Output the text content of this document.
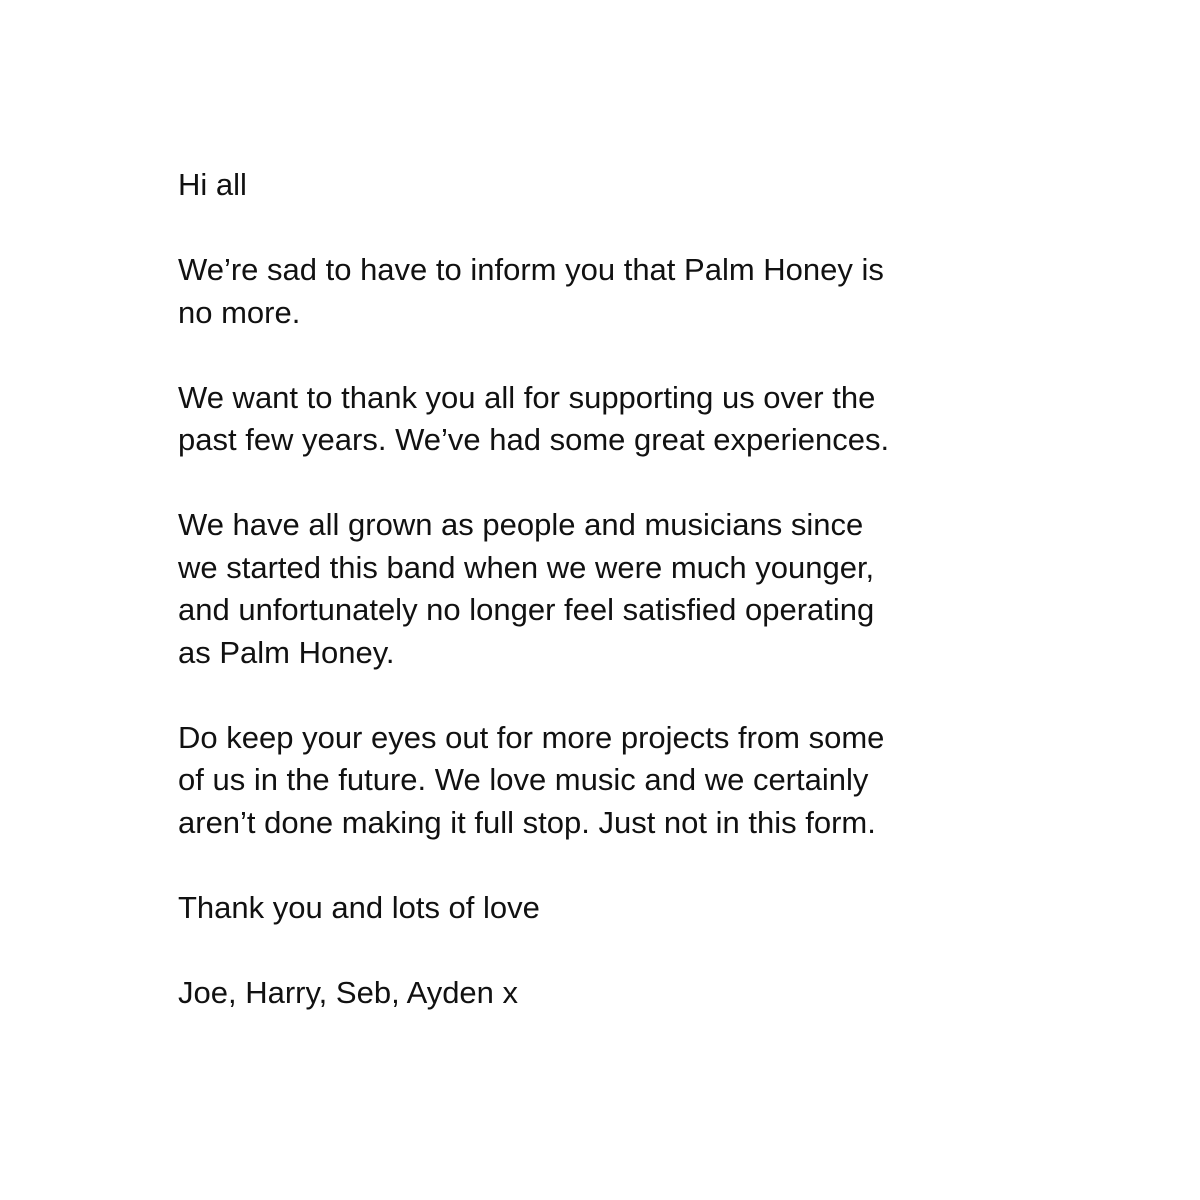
Hi all

We’re sad to have to inform you that Palm Honey is
no more.

We want to thank you all for supporting us over the
past few years. We’ve had some great experiences.

We have all grown as people and musicians since
we started this band when we were much younger,
and unfortunately no longer feel satisfied operating
as Palm Honey.

Do keep your eyes out for more projects from some
of us in the future. We love music and we certainly
aren’t done making it full stop. Just not in this form.

Thank you and lots of love

Joe, Harry, Seb, Ayden x
